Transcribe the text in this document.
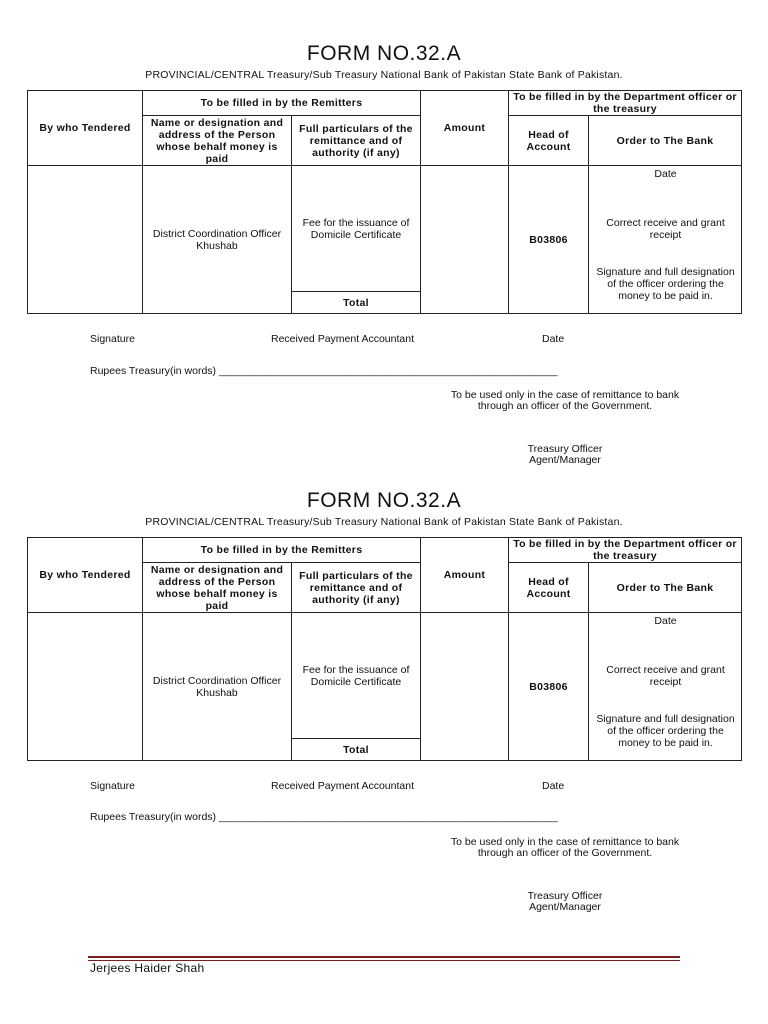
FORM NO.32.A
PROVINCIAL/CENTRAL Treasury/Sub Treasury National Bank of Pakistan State Bank of Pakistan.
By who Tendered	To be filled in by the Remitters		Amount	To be filled in by the Department officer or the treasury	
	Name or designation and address of the Person whose behalf money is paid	Full particulars of the remittance and of authority (if any)		Head of Account	Order to The Bank
	District Coordination Officer Khushab	Fee for the issuance of Domicile Certificate		B03806	Date
Correct receive and grant receipt
Signature and full designation of the officer ordering the money to be paid in.

		Total			
Signature	Received Payment Accountant	Date
Rupees Treasury(in words) __________________________________________________________
To be used only in the case of remittance to bank through an officer of the Government.
Treasury Officer
Agent/Manager
FORM NO.32.A
PROVINCIAL/CENTRAL Treasury/Sub Treasury National Bank of Pakistan State Bank of Pakistan.
By who Tendered	To be filled in by the Remitters		Amount	To be filled in by the Department officer or the treasury	
	Name or designation and address of the Person whose behalf money is paid	Full particulars of the remittance and of authority (if any)		Head of Account	Order to The Bank
	District Coordination Officer Khushab	Fee for the issuance of Domicile Certificate		B03806	Date
Correct receive and grant receipt
Signature and full designation of the officer ordering the money to be paid in.

		Total			
Signature	Received Payment Accountant	Date
Rupees Treasury(in words) __________________________________________________________
To be used only in the case of remittance to bank through an officer of the Government.
Treasury Officer
Agent/Manager
Jerjees Haider Shah
